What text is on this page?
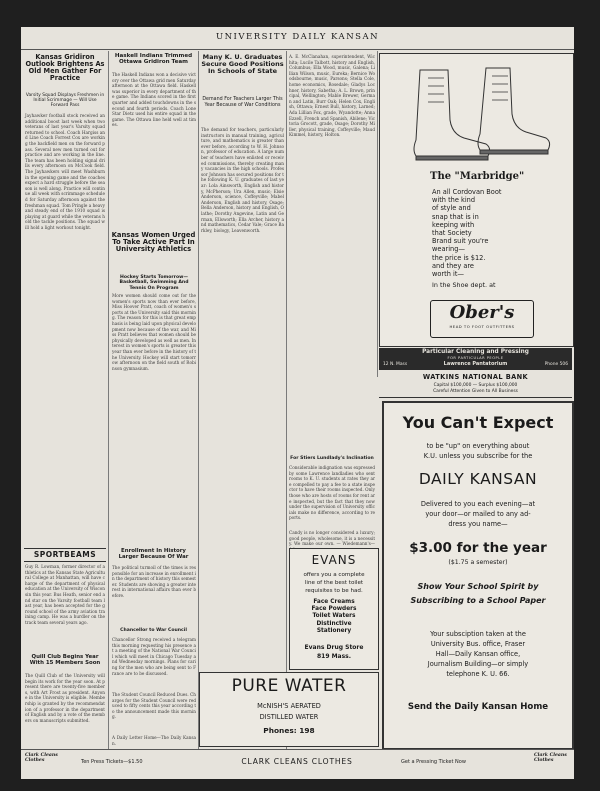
UNIVERSITY DAILY KANSAN
Kansas Gridiron Outlook Brightens As Old Men Gather For Practice
Varsity Squad Displays Freshmen in Initial Scrimmage — Will Use Forward Pass
Jayhawker football stock received an additional boost last week when two veterans of last year's Varsity squad returned to school. Coach Hargiss and Line Coach Forrest Cox are working the backfield men on the forward pass. Several new men turned out for practice and are working in the line. The team has been holding signal drills every afternoon on McCook field. The Jayhawkers will meet Washburn in the opening game and the coaches expect a hard struggle before the season is well along. Practice will continue all week with scrimmage scheduled for Saturday afternoon against the freshman squad. Tom Pringle a heavy and steady end of the 1910 squad is playing at guard while the veterans hold the tackle positions. The squad will hold a light workout tonight.
SPORTBEAMS
Guy R. Lowman, former director of athletics at the Kansas State Agricultural College at Manhattan, will have charge of the department of physical education at the University of Wisconsin this year. Bus Heath, senior end and star on the Varsity football team last year, has been accepted for the ground school of the army aviation training camp. He was a hurdler on the track team several years ago.
Quill Club Begins Year With 15 Members Soon
The Quill Club of the University will begin its work for the year soon. At present there are twenty-five members, with Art Frost as president. Anyone in the University is eligible. Membership is granted by the recommendation of a professor in the department of English and by a vote of the members on manuscripts submitted.
Haskell Indians Trimmed Ottawa Gridiron Team
The Haskell Indians won a decisive victory over the Ottawa grid men Saturday afternoon at the Ottawa field. Haskell was superior in every department of the game. The Indians scored in the first quarter and added touchdowns in the second and fourth periods. Coach Lone Star Dietz used his entire squad in the game. The Ottawa line held well at times.
Kansas Women Urged To Take Active Part In University Athletics
Hockey Starts Tomorrow—Basketball, Swimming And Tennis On Program
More women should come out for the women's sports now than ever before, Miss Hoover Pratt, coach of women's sports at the University said this morning. The reason for this is that great emphasis is being laid upon physical development now because of the war, and Miss Pratt believes that women should be physically developed as well as men. Interest in women's sports is greater this year than ever before in the history of the University. Hockey will start tomorrow afternoon on the field south of Robinson gymnasium.
Enrollment In History Larger Because Of War
The political turmoil of the times is responsible for an increase in enrollment in the department of history this semester. Students are showing a greater interest in international affairs than ever before.
Chancellor to War Council
Chancellor Strong received a telegram this morning requesting his presence at a meeting of the National War Council which will meet in Chicago Tuesday and Wednesday mornings. Plans for caring for the men who are being sent to France are to be discussed.
The Student Council Reduced Dues. Charges for the Student Council were reduced to fifty cents this year according to the announcement made this morning.
A Daily Letter Home—The Daily Kansan.
Many K. U. Graduates Secure Good Positions In Schools of State
Demand For Teachers Larger This Year Because of War Conditions
The demand for teachers, particularly instructors in manual training, agriculture, and mathematics is greater than ever before, according to W. H. Johnson, professor of education. A large number of teachers have enlisted or received commissions, thereby creating many vacancies in the high schools. Professor Johnson has secured positions for the following K. U. graduates of last year: Lola Ainsworth, English and history, McPherson; Ura Allen, music; Elsie Anderson, science, Coffeyville; Mabel Anderson, English and history, Osage; Bella Anderson, history and English, Olathe; Dorothy Angevine, Latin and German, Ellsworth; Ella Archer, history and mathematics, Cedar Vale; Grace Barkley, biology, Leavenworth.
A. E. McClanahan, superintendent, Wichita; Lucile Talbott, history and English, Columbus; Ella Wood, music, Galena; Lillian Wilson, music, Eureka; Bernice Woodsbourne, music, Parsons; Stella Cole, home economics, Rosedale; Gladys Lochner, history, Sabetha; A. L. Brown, principal, Wellington; Mable Brewer, German and Latin, Burr Oak; Helen Cox, English, Ottawa; Ernest Bull, history, Larned; Ada Lillian Fox, grade, Wyandotte; Anna Ezzell, French and Spanish, Abilene; Victoria Grocott, grade, Osage; Dorothy Miller, physical training, Coffeyville; Maud Kimmel, history, Holton.
For Stiers Lundlady's Inclination
Considerable indignation was expressed by some Lawrence landladies who sent rooms to K. U. students at rates they are compelled to pay a fee to a state inspector to have their rooms inspected. Only those who are hosts of rooms for rent are inspected, but the fact that they now under the supervision of University officials make no difference, according to reports.
Candy is no longer considered a luxury; good people, wholesome, it is a necessity. We make our own. — Wiedemann's—
The "Marbridge"
An all Cordovan Boot
with the kind
of style and
snap that is in
keeping with
that Society
Brand suit you're
wearing—
the price is $12.
and they are
worth it—
In the Shoe dept. at
Ober's
HEAD TO FOOT OUTFITTERS
Particular Cleaning and Pressing
FOR PARTICULAR PEOPLE
12 N. Mass	Lawrence Pantatorium	Phone 506
WATKINS NATIONAL BANK
Capital $100,000 — Surplus $100,000
Careful Attention Given to All Business
You Can't Expect
to be "up" on everything about
K.U. unless you subscribe for the
DAILY KANSAN
Delivered to you each evening—at
your door—or mailed to any ad-
dress you name—
$3.00 for the year
($1.75 a semester)
Show Your School Spirit by
Subscribing to a School Paper
Your subsciption taken at the
University Bus. office, Fraser
Hall—Daily Kansan office,
Journalism Building—or simply
telephone K. U. 66.
Send the Daily Kansan Home
EVANS
offers you a complete
line of the best toilet
requisites to be had.
Face Creams
Face Powders
Toilet Waters
Distinctive
Stationery
Evans Drug Store
819 Mass.
PURE WATER
McNISH'S AERATED
DISTILLED WATER
Phones: 198
Clark Cleans Clothes	Ten Press Tickets—$1.50	CLARK CLEANS CLOTHES	Get a Pressing Ticket Now
Clark Cleans Clothes
